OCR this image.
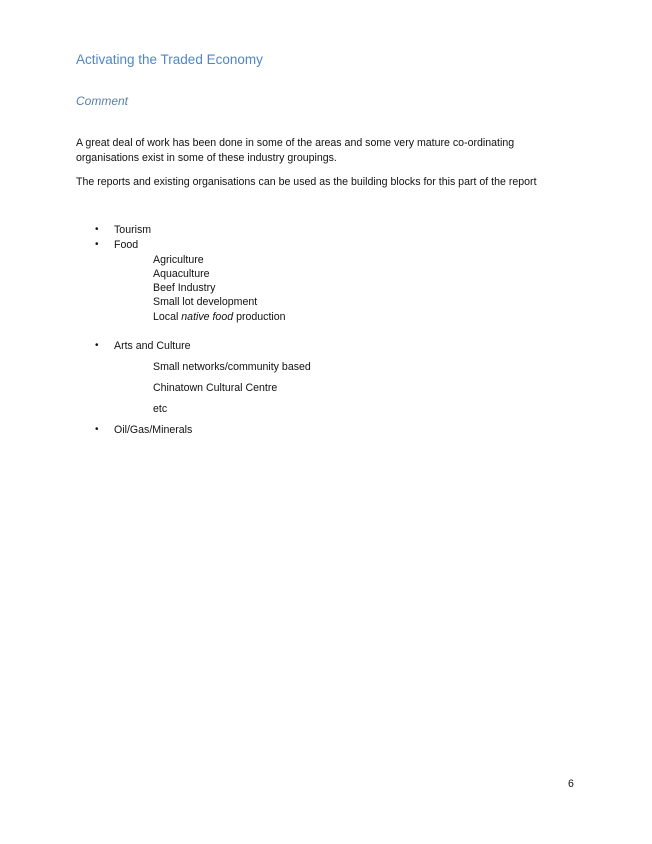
Activating the Traded Economy
Comment
A great deal of work has been done in some of the areas and some very mature co-ordinating
organisations exist in some of these industry groupings.
The reports and existing organisations can be used as the building blocks for this part of the report
• Tourism
• Food
Agriculture
Aquaculture
Beef Industry
Small lot development
Local native food production
• Arts and Culture
Small networks/community based
Chinatown Cultural Centre
etc
• Oil/Gas/Minerals
6
